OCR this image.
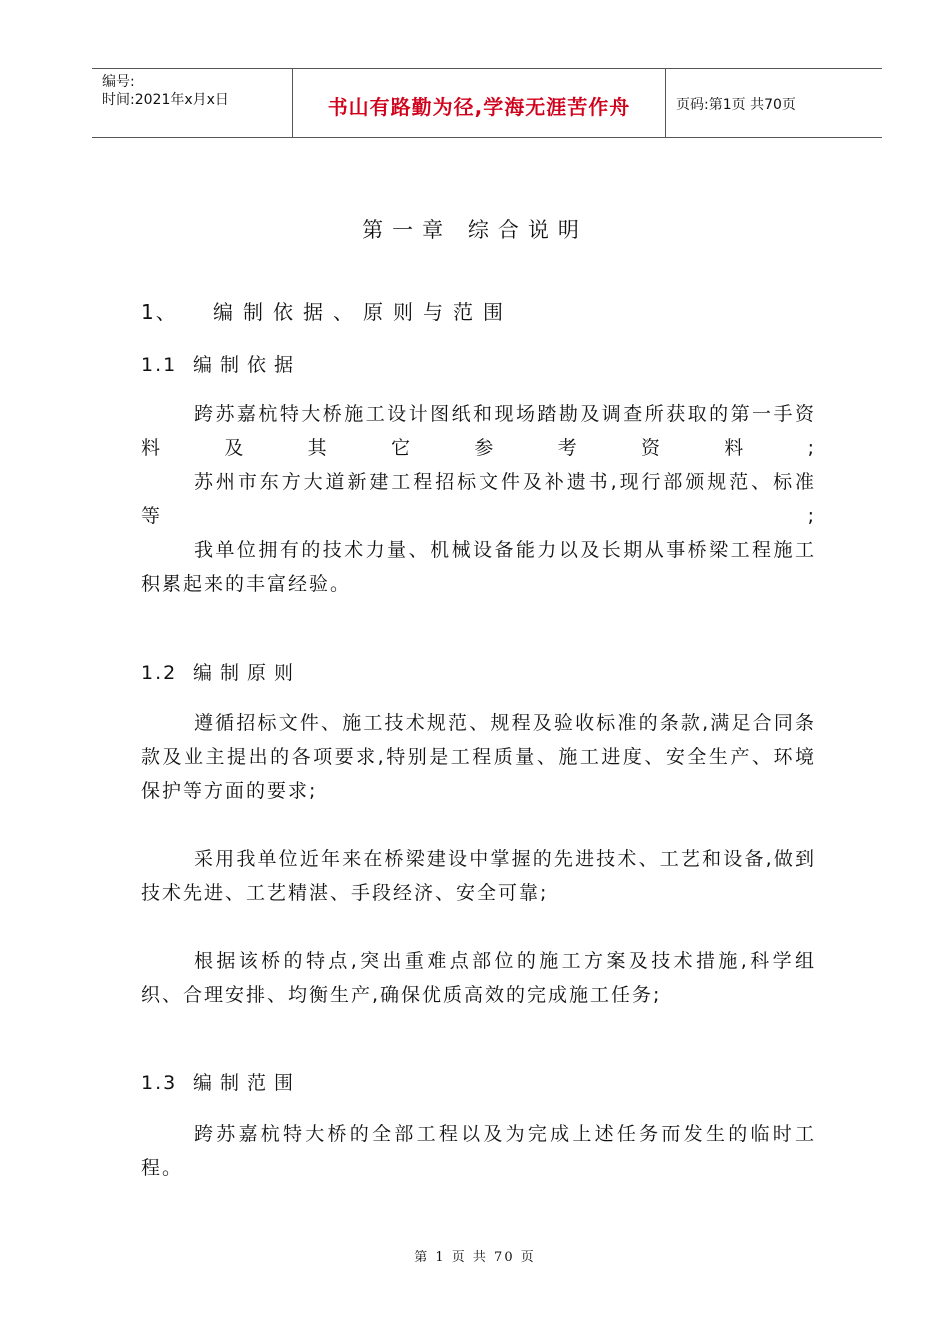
编号:
时间:2021年x月x日	书山有路勤为径,学海无涯苦作舟	页码:第1页 共70页
第一章 综合说明
1、 编制依据、原则与范围
1.1 编制依据
跨苏嘉杭特大桥施工设计图纸和现场踏勘及调查所获取的第一手资料及其它参考资料;
苏州市东方大道新建工程招标文件及补遗书,现行部颁规范、标准等;
我单位拥有的技术力量、机械设备能力以及长期从事桥梁工程施工积累起来的丰富经验。
1.2 编制原则
遵循招标文件、施工技术规范、规程及验收标准的条款,满足合同条款及业主提出的各项要求,特别是工程质量、施工进度、安全生产、环境保护等方面的要求;
采用我单位近年来在桥梁建设中掌握的先进技术、工艺和设备,做到技术先进、工艺精湛、手段经济、安全可靠;
根据该桥的特点,突出重难点部位的施工方案及技术措施,科学组织、合理安排、均衡生产,确保优质高效的完成施工任务;
1.3 编制范围
跨苏嘉杭特大桥的全部工程以及为完成上述任务而发生的临时工程。
第 1 页 共 70 页
